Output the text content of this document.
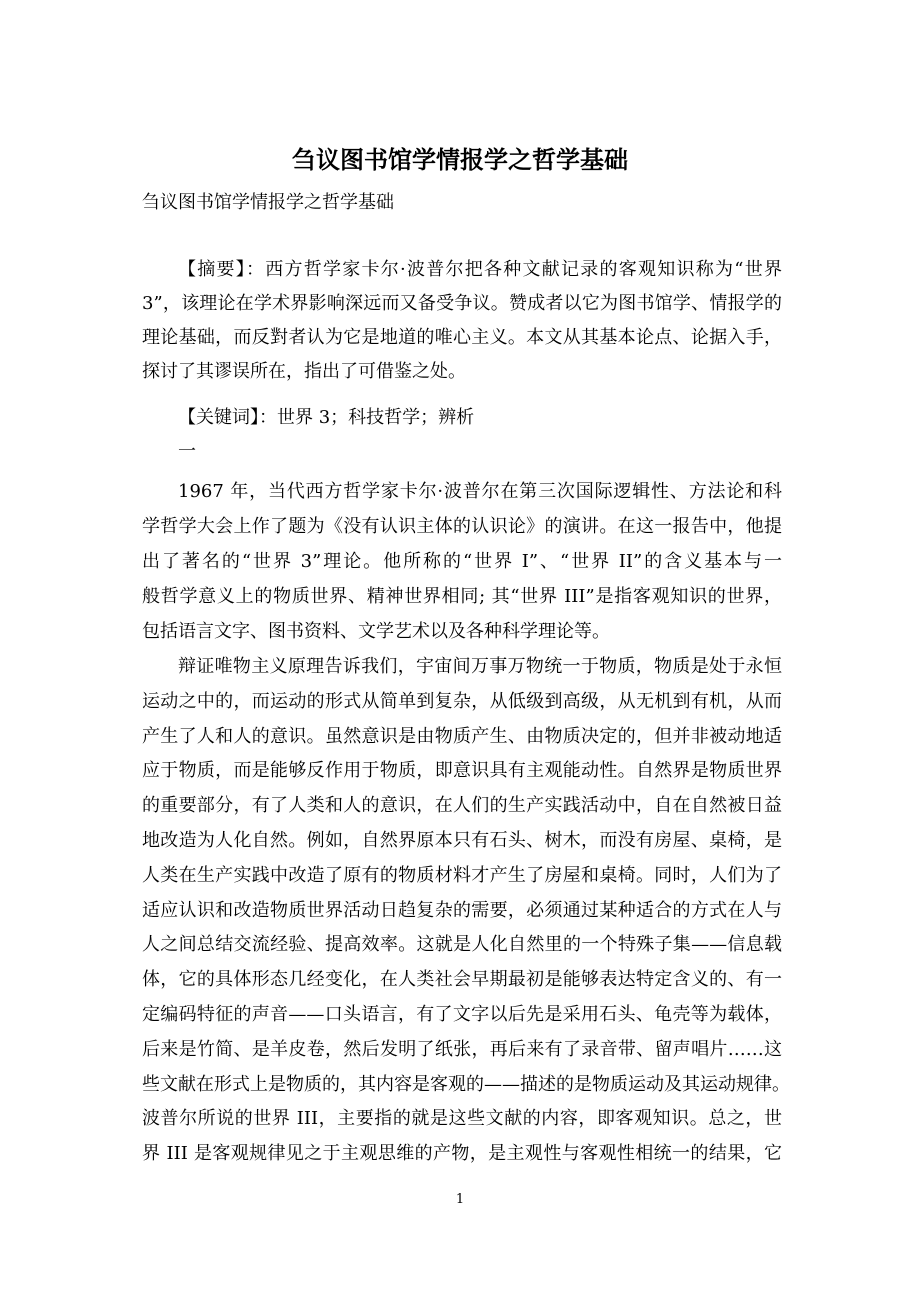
刍议图书馆学情报学之哲学基础
刍议图书馆学情报学之哲学基础
【摘要】：西方哲学家卡尔·波普尔把各种文献记录的客观知识称为“世界
3”，该理论在学术界影响深远而又备受争议。赞成者以它为图书馆学、情报学的
理论基础，而反對者认为它是地道的唯心主义。本文从其基本论点、论据入手，
探讨了其谬误所在，指出了可借鉴之处。
【关键词】：世界 3；科技哲学；辨析
一
1967 年，当代西方哲学家卡尔·波普尔在第三次国际逻辑性、方法论和科
学哲学大会上作了题为《没有认识主体的认识论》的演讲。在这一报告中，他提
出了著名的“世界 3”理论。他所称的“世界 I”、“世界 II”的含义基本与一
般哲学意义上的物质世界、精神世界相同; 其“世界 III”是指客观知识的世界，
包括语言文字、图书资料、文学艺术以及各种科学理论等。
辩证唯物主义原理告诉我们，宇宙间万事万物统一于物质，物质是处于永恒
运动之中的，而运动的形式从简单到复杂，从低级到高级，从无机到有机，从而
产生了人和人的意识。虽然意识是由物质产生、由物质决定的，但并非被动地适
应于物质，而是能够反作用于物质，即意识具有主观能动性。自然界是物质世界
的重要部分，有了人类和人的意识，在人们的生产实践活动中，自在自然被日益
地改造为人化自然。例如，自然界原本只有石头、树木，而没有房屋、桌椅，是
人类在生产实践中改造了原有的物质材料才产生了房屋和桌椅。同时，人们为了
适应认识和改造物质世界活动日趋复杂的需要，必须通过某种适合的方式在人与
人之间总结交流经验、提高效率。这就是人化自然里的一个特殊子集——信息载
体，它的具体形态几经变化，在人类社会早期最初是能够表达特定含义的、有一
定编码特征的声音——口头语言，有了文字以后先是采用石头、龟壳等为载体，
后来是竹简、是羊皮卷，然后发明了纸张，再后来有了录音带、留声唱片……这
些文献在形式上是物质的，其内容是客观的——描述的是物质运动及其运动规律。
波普尔所说的世界 III，主要指的就是这些文献的内容，即客观知识。总之，世
界 III 是客观规律见之于主观思维的产物，是主观性与客观性相统一的结果，它
1
